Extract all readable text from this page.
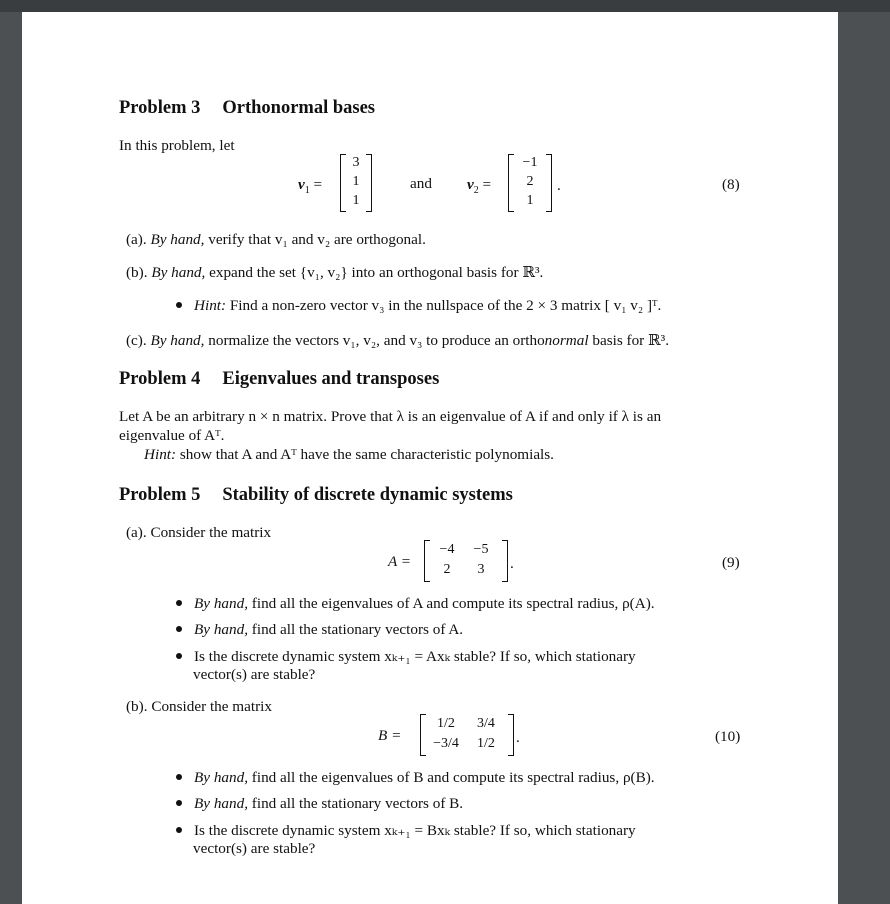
Problem 3 Orthonormal bases
In this problem, let
$v_1$ =
3
1
1
and $v_2$ =
−1
2
1
.	(8)
(a). By hand, verify that v₁ and v₂ are orthogonal.
(b). By hand, expand the set {v₁, v₂} into an orthogonal basis for ℝ³.
Hint: Find a non-zero vector v₃ in the nullspace of the 2 × 3 matrix [ v₁ v₂ ]ᵀ.
(c). By hand, normalize the vectors v₁, v₂, and v₃ to produce an orthonormal basis for ℝ³.
Problem 4 Eigenvalues and transposes
Let A be an arbitrary n × n matrix. Prove that λ is an eigenvalue of A if and only if λ is an
eigenvalue of Aᵀ.
Hint: show that A and Aᵀ have the same characteristic polynomials.
Problem 5 Stability of discrete dynamic systems
(a). Consider the matrix
A =
−4	−5
2	3	.	(9)
By hand, find all the eigenvalues of A and compute its spectral radius, ρ(A).
By hand, find all the stationary vectors of A.
Is the discrete dynamic system xₖ₊₁ = Axₖ stable? If so, which stationary
vector(s) are stable?
(b). Consider the matrix
B =
1/2	3/4
−3/4	1/2	.	(10)
By hand, find all the eigenvalues of B and compute its spectral radius, ρ(B).
By hand, find all the stationary vectors of B.
Is the discrete dynamic system xₖ₊₁ = Bxₖ stable? If so, which stationary
vector(s) are stable?
